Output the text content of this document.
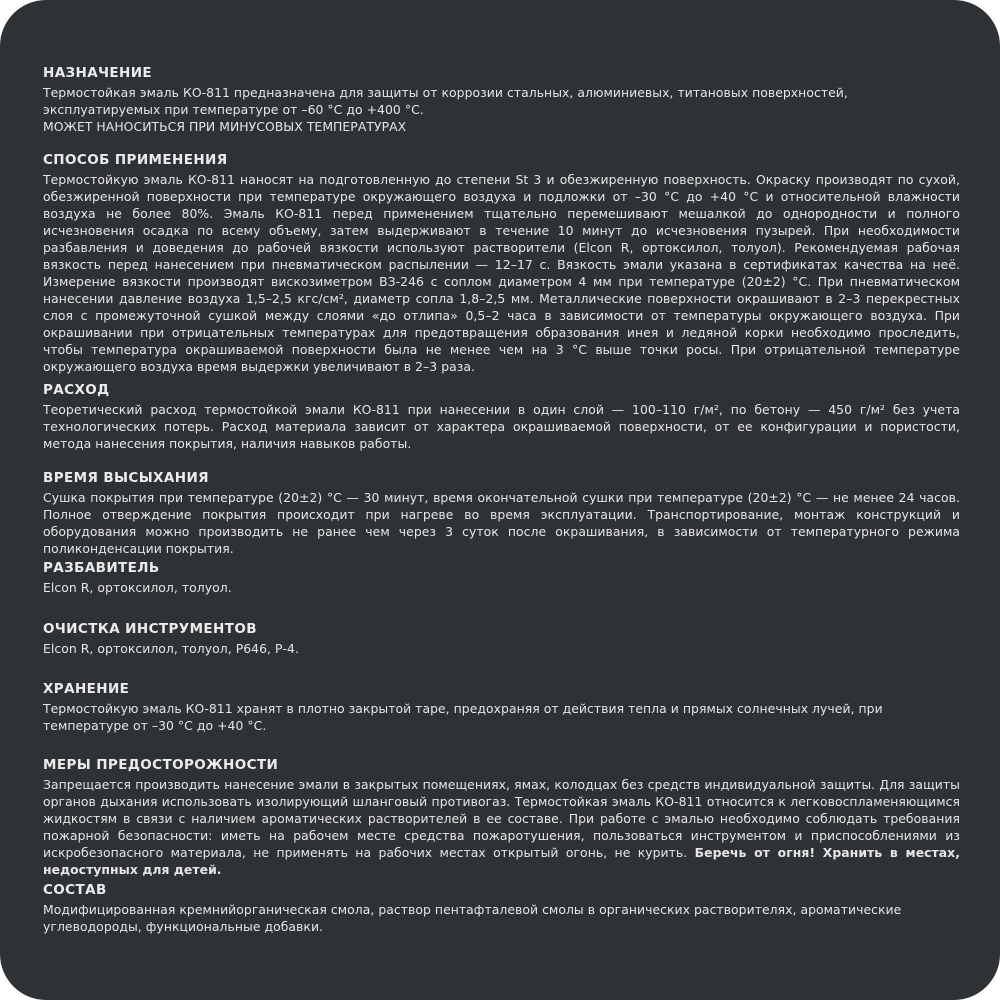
НАЗНАЧЕНИЕ

Термостойкая эмаль КО-811 предназначена для защиты от коррозии стальных, алюминиевых, титановых поверхностей, эксплуатируемых при температуре от –60 °С до +400 °С.

МОЖЕТ НАНОСИТЬСЯ ПРИ МИНУСОВЫХ ТЕМПЕРАТУРАХ

СПОСОБ ПРИМЕНЕНИЯ

Термостойкую эмаль КО-811 наносят на подготовленную до степени St 3 и обезжиренную поверхность. Окраску производят по сухой, обезжиренной поверхности при температуре окружающего воздуха и подложки от –30 °С до +40 °С и относительной влажности воздуха не более 80%. Эмаль КО-811 перед применением тщательно перемешивают мешалкой до однородности и полного исчезновения осадка по всему объему, затем выдерживают в течение 10 минут до исчезновения пузырей. При необходимости разбавления и доведения до рабочей вязкости используют растворители (Elcon R, ортоксилол, толуол). Рекомендуемая рабочая вязкость перед нанесением при пневматическом распылении — 12–17 с. Вязкость эмали указана в сертификатах качества на неё. Измерение вязкости производят вискозиметром ВЗ-246 с соплом диаметром 4 мм при температуре (20±2) °С. При пневматическом нанесении давление воздуха 1,5–2,5 кгс/см², диаметр сопла 1,8–2,5 мм. Металлические поверхности окрашивают в 2–3 перекрестных слоя с промежуточной сушкой между слоями «до отлипа» 0,5–2 часа в зависимости от температуры окружающего воздуха. При окрашивании при отрицательных температурах для предотвращения образования инея и ледяной корки необходимо проследить, чтобы температура окрашиваемой поверхности была не менее чем на 3 °С выше точки росы. При отрицательной температуре окружающего воздуха время выдержки увеличивают в 2–3 раза.

РАСХОД

Теоретический расход термостойкой эмали КО-811 при нанесении в один слой — 100–110 г/м², по бетону — 450 г/м² без учета технологических потерь. Расход материала зависит от характера окрашиваемой поверхности, от ее конфигурации и пористости, метода нанесения покрытия, наличия навыков работы.

ВРЕМЯ ВЫСЫХАНИЯ

Сушка покрытия при температуре (20±2) °С — 30 минут, время окончательной сушки при температуре (20±2) °С — не менее 24 часов. Полное отверждение покрытия происходит при нагреве во время эксплуатации. Транспортирование, монтаж конструкций и оборудования можно производить не ранее чем через 3 суток после окрашивания, в зависимости от температурного режима поликонденсации покрытия.

РАЗБАВИТЕЛЬ

Elcon R, ортоксилол, толуол.

ОЧИСТКА ИНСТРУМЕНТОВ

Elcon R, ортоксилол, толуол, Р646, Р-4.

ХРАНЕНИЕ

Термостойкую эмаль КО-811 хранят в плотно закрытой таре, предохраняя от действия тепла и прямых солнечных лучей, при температуре от –30 °С до +40 °С.

МЕРЫ ПРЕДОСТОРОЖНОСТИ

Запрещается производить нанесение эмали в закрытых помещениях, ямах, колодцах без средств индивидуальной защиты. Для защиты органов дыхания использовать изолирующий шланговый противогаз. Термостойкая эмаль КО-811 относится к легковоспламеняющимся жидкостям в связи с наличием ароматических растворителей в ее составе. При работе с эмалью необходимо соблюдать требования пожарной безопасности: иметь на рабочем месте средства пожаротушения, пользоваться инструментом и приспособлениями из искробезопасного материала, не применять на рабочих местах открытый огонь, не курить. Беречь от огня! Хранить в местах, недоступных для детей.

СОСТАВ

Модифицированная кремнийорганическая смола, раствор пентафталевой смолы в органических растворителях, ароматические углеводороды, функциональные добавки.
